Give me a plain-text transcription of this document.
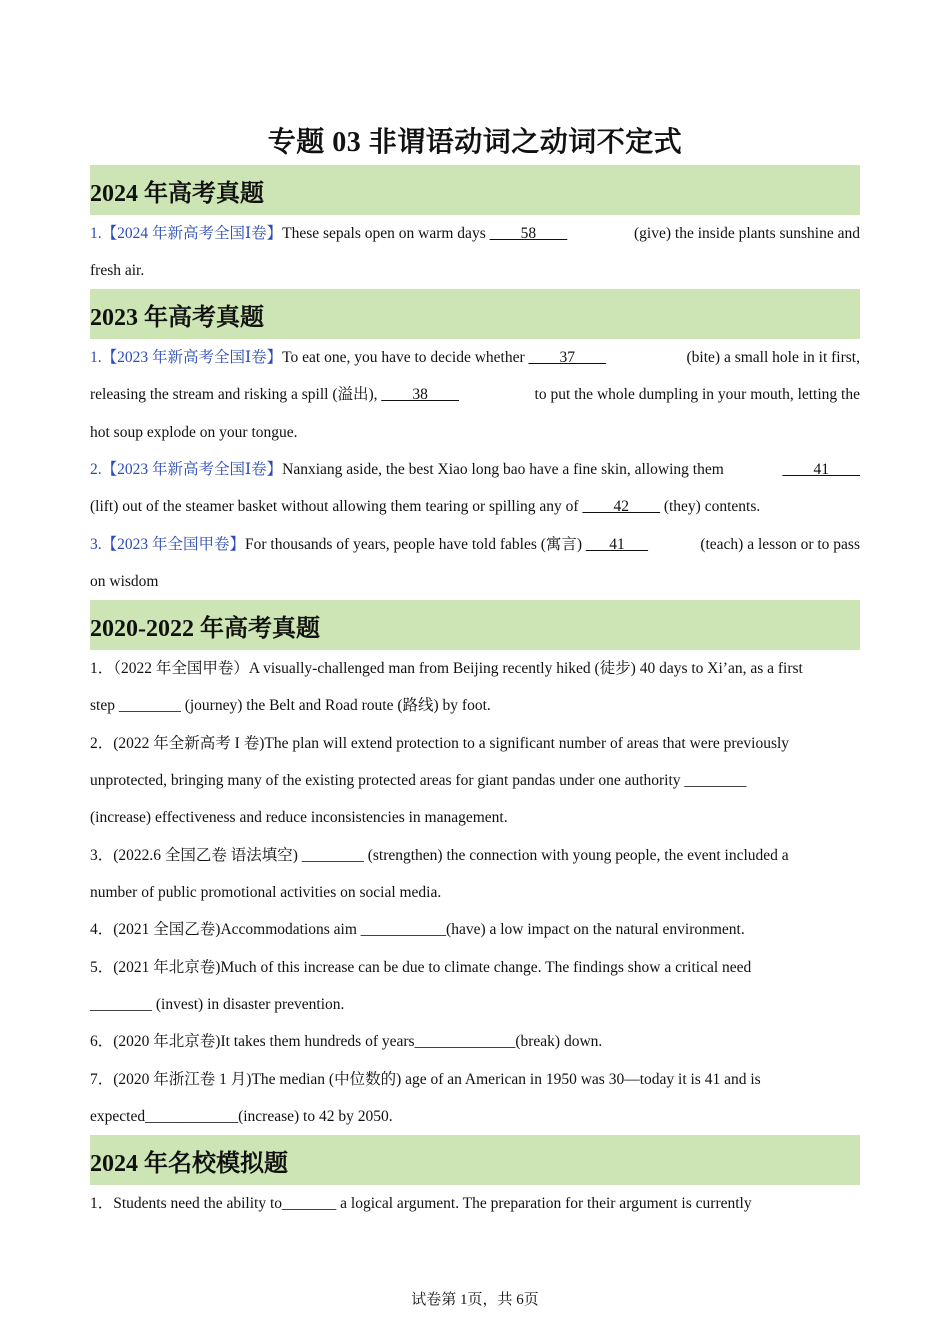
专题 03 非谓语动词之动词不定式
2024 年高考真题
1.【2024 年新高考全国Ⅰ卷】These sepals open on warm days ____58____	(give) the inside plants sunshine and
fresh air.
2023 年高考真题
1.【2023 年新高考全国Ⅰ卷】To eat one, you have to decide whether ____37____	(bite) a small hole in it first,
releasing the stream and risking a spill (溢出), ____38____	to put the whole dumpling in your mouth, letting the
hot soup explode on your tongue.
2.【2023 年新高考全国Ⅰ卷】Nanxiang aside, the best Xiao long bao have a fine skin, allowing them	____41____
(lift) out of the steamer basket without allowing them tearing or spilling any of ____42____ (they) contents.
3.【2023 年全国甲卷】For thousands of years, people have told fables (寓言) ___41___	(teach) a lesson or to pass
on wisdom
2020-2022 年高考真题
1．（2022 年全国甲卷）A visually-challenged man from Beijing recently hiked (徒步) 40 days to Xi’an, as a first
step ________ (journey) the Belt and Road route (路线) by foot.
2．(2022 年全新高考 I 卷)The plan will extend protection to a significant number of areas that were previously
unprotected, bringing many of the existing protected areas for giant pandas under one authority ________
(increase) effectiveness and reduce inconsistencies in management.
3．(2022.6 全国乙卷 语法填空) ________ (strengthen) the connection with young people, the event included a
number of public promotional activities on social media.
4．(2021 全国乙卷)Accommodations aim ___________(have) a low impact on the natural environment.
5．(2021 年北京卷)Much of this increase can be due to climate change. The findings show a critical need
________ (invest) in disaster prevention.
6．(2020 年北京卷)It takes them hundreds of years_____________(break) down.
7．(2020 年浙江卷 1 月)The median (中位数的) age of an American in 1950 was 30—today it is 41 and is
expected____________(increase) to 42 by 2050.
2024 年名校模拟题
1．Students need the ability to_______ a logical argument. The preparation for their argument is currently
试卷第 1页，共 6页
